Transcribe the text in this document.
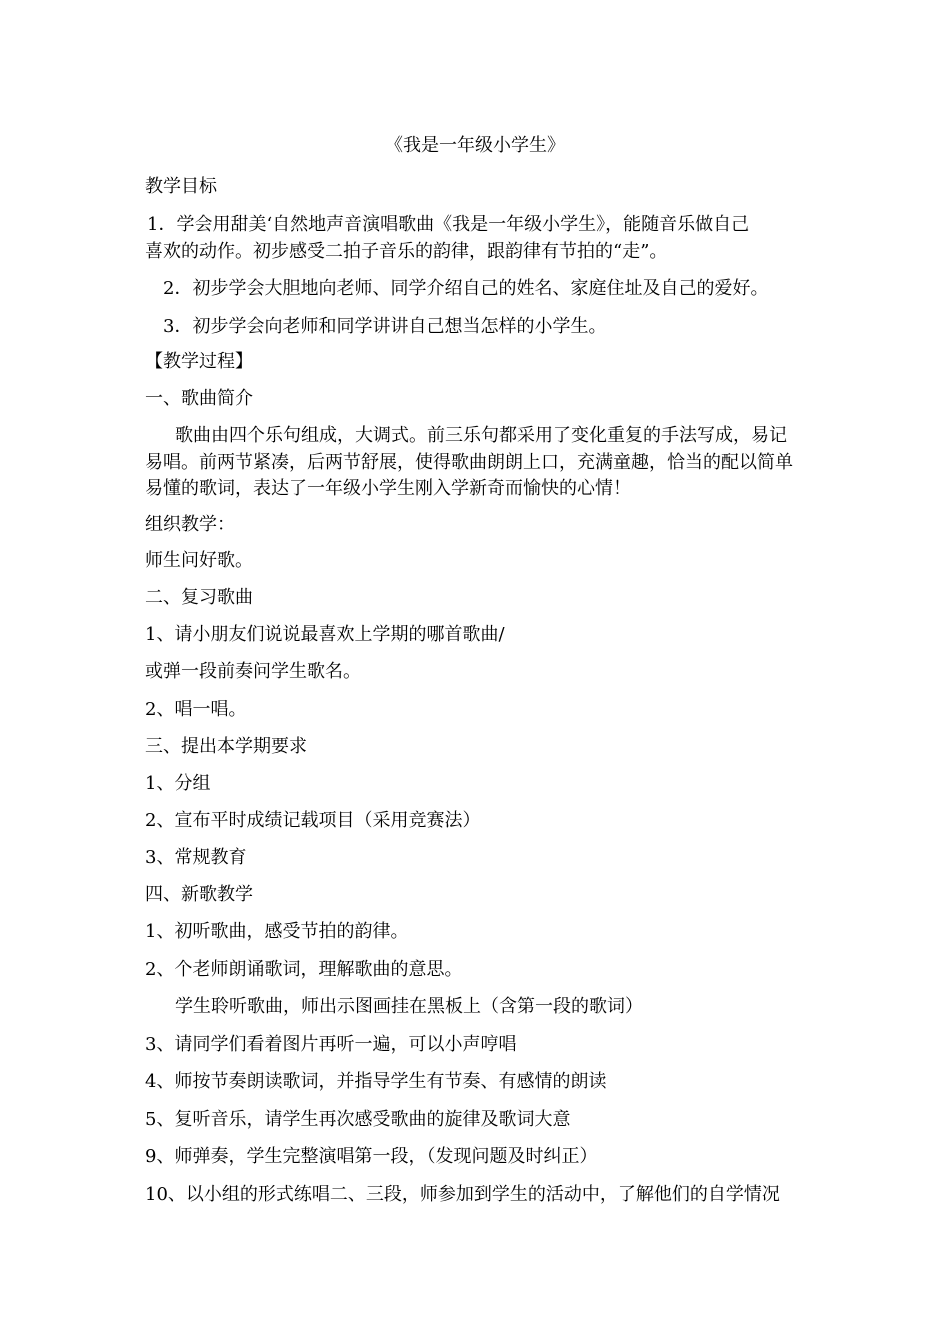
《我是一年级小学生》
教学目标
1．学会用甜美‘自然地声音演唱歌曲《我是一年级小学生》，能随音乐做自己
喜欢的动作。初步感受二拍子音乐的韵律，跟韵律有节拍的“走”。
2．初步学会大胆地向老师、同学介绍自己的姓名、家庭住址及自己的爱好。
3．初步学会向老师和同学讲讲自己想当怎样的小学生。
【教学过程】
一、歌曲简介
歌曲由四个乐句组成，大调式。前三乐句都采用了变化重复的手法写成，易记
易唱。前两节紧凑，后两节舒展，使得歌曲朗朗上口，充满童趣，恰当的配以简单
易懂的歌词，表达了一年级小学生刚入学新奇而愉快的心情！
组织教学：
师生问好歌。
二、复习歌曲
1、请小朋友们说说最喜欢上学期的哪首歌曲/
或弹一段前奏问学生歌名。
2、唱一唱。
三、提出本学期要求
1、分组
2、宣布平时成绩记载项目（采用竞赛法）
3、常规教育
四、新歌教学
1、初听歌曲，感受节拍的韵律。
2、个老师朗诵歌词，理解歌曲的意思。
学生聆听歌曲，师出示图画挂在黑板上（含第一段的歌词）
3、请同学们看着图片再听一遍，可以小声哼唱
4、师按节奏朗读歌词，并指导学生有节奏、有感情的朗读
5、复听音乐，请学生再次感受歌曲的旋律及歌词大意
9、师弹奏，学生完整演唱第一段，（发现问题及时纠正）
10、以小组的形式练唱二、三段，师参加到学生的活动中，了解他们的自学情况
